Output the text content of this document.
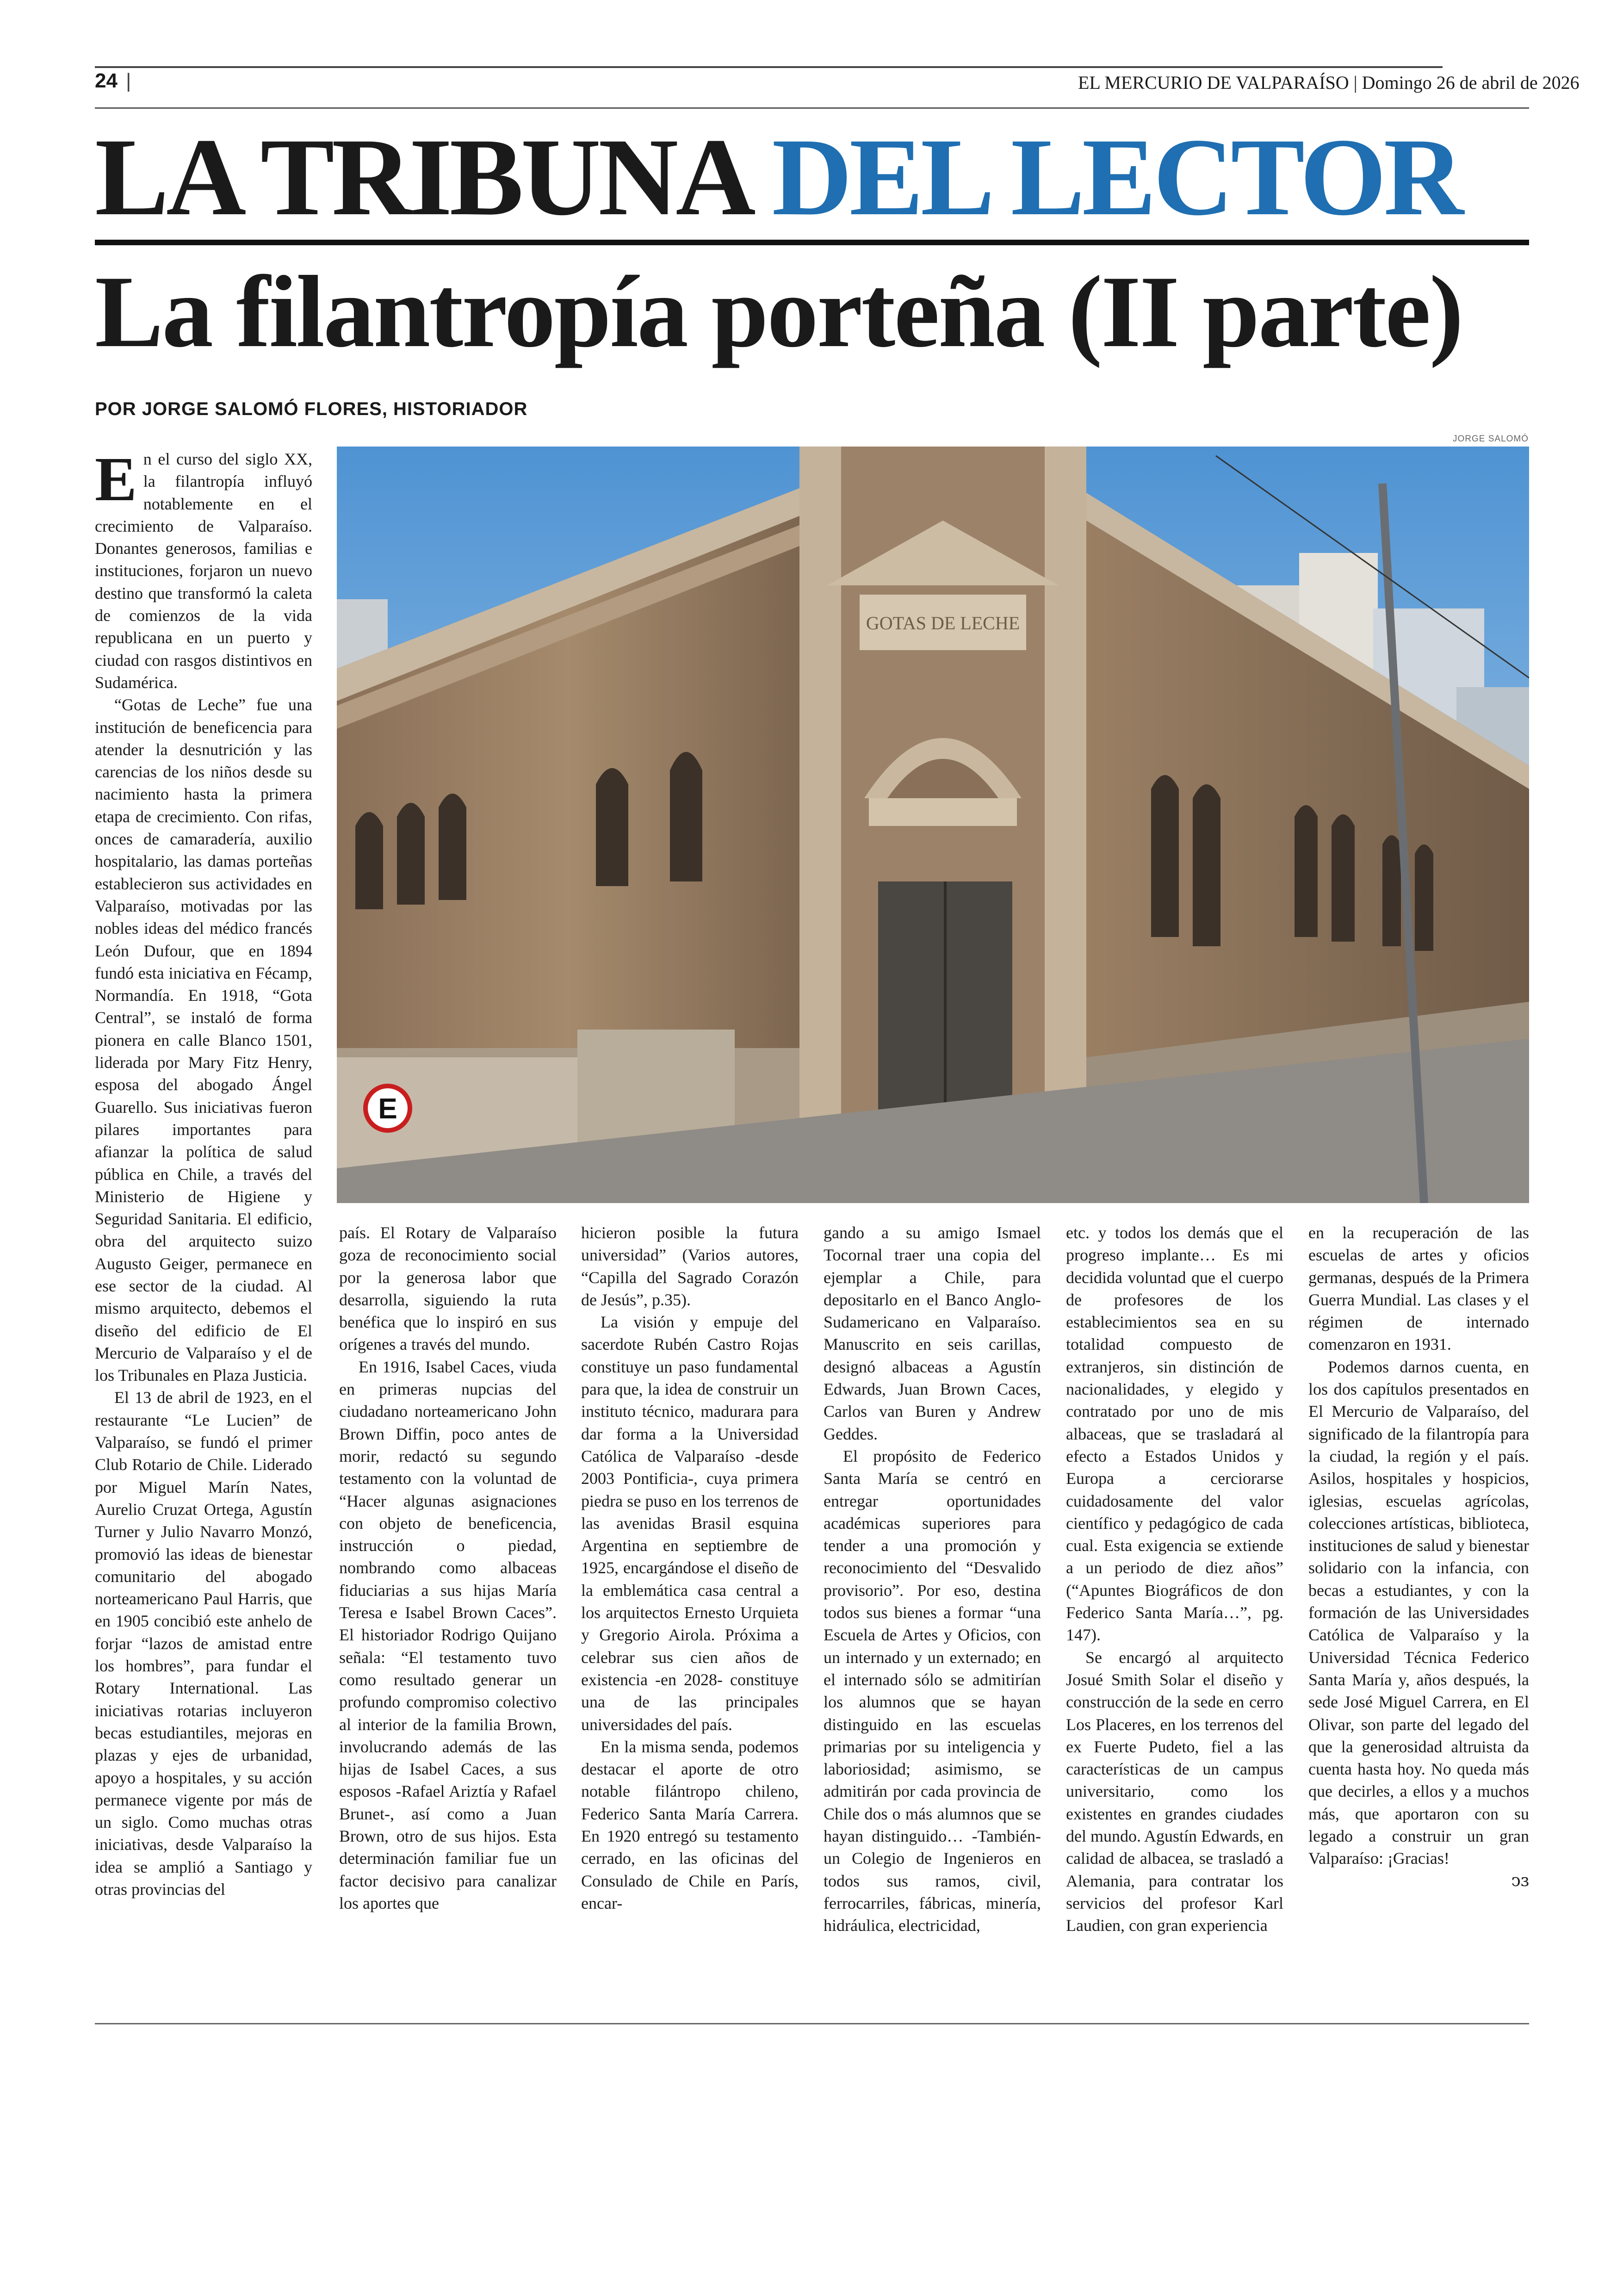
24 |	EL MERCURIO DE VALPARAÍSO | Domingo 26 de abril de 2026
LA TRIBUNA DEL LECTOR
La filantropía porteña (II parte)
POR JORGE SALOMÓ FLORES, HISTORIADOR
JORGE SALOMÓ
GOTAS DE LECHE
E
E n el curso del siglo XX, la filantropía influyó notablemente en el crecimiento de Valparaíso. Donantes generosos, familias e instituciones, forjaron un nuevo destino que transformó la caleta de comienzos de la vida republicana en un puerto y ciudad con rasgos distintivos en Sudamérica.

“Gotas de Leche” fue una institución de beneficencia para atender la desnutrición y las carencias de los niños desde su nacimiento hasta la primera etapa de crecimiento. Con rifas, onces de camaradería, auxilio hospitalario, las damas porteñas establecieron sus actividades en Valparaíso, motivadas por las nobles ideas del médico francés León Dufour, que en 1894 fundó esta iniciativa en Fécamp, Normandía. En 1918, “Gota Central”, se instaló de forma pionera en calle Blanco 1501, liderada por Mary Fitz Henry, esposa del abogado Ángel Guarello. Sus iniciativas fueron pilares importantes para afianzar la política de salud pública en Chile, a través del Ministerio de Higiene y Seguridad Sanitaria. El edificio, obra del arquitecto suizo Augusto Geiger, permanece en ese sector de la ciudad. Al mismo arquitecto, debemos el diseño del edificio de El Mercurio de Valparaíso y el de los Tribunales en Plaza Justicia.

El 13 de abril de 1923, en el restaurante “Le Lucien” de Valparaíso, se fundó el primer Club Rotario de Chile. Liderado por Miguel Marín Nates, Aurelio Cruzat Ortega, Agustín Turner y Julio Navarro Monzó, promovió las ideas de bienestar comunitario del abogado norteamericano Paul Harris, que en 1905 concibió este anhelo de forjar “lazos de amistad entre los hombres”, para fundar el Rotary International. Las iniciativas rotarias incluyeron becas estudiantiles, mejoras en plazas y ejes de urbanidad, apoyo a hospitales, y su acción permanece vigente por más de un siglo. Como muchas otras iniciativas, desde Valparaíso la idea se amplió a Santiago y otras provincias del

país. El Rotary de Valparaíso goza de reconocimiento social por la generosa labor que desarrolla, siguiendo la ruta benéfica que lo inspiró en sus orígenes a través del mundo.

En 1916, Isabel Caces, viuda en primeras nupcias del ciudadano norteamericano John Brown Diffin, poco antes de morir, redactó su segundo testamento con la voluntad de “Hacer algunas asignaciones con objeto de beneficencia, instrucción o piedad, nombrando como albaceas fiduciarias a sus hijas María Teresa e Isabel Brown Caces”. El historiador Rodrigo Quijano señala: “El testamento tuvo como resultado generar un profundo compromiso colectivo al interior de la familia Brown, involucrando además de las hijas de Isabel Caces, a sus esposos -Rafael Ariztía y Rafael Brunet-, así como a Juan Brown, otro de sus hijos. Esta determinación familiar fue un factor decisivo para canalizar los aportes que

hicieron posible la futura universidad” (Varios autores, “Capilla del Sagrado Corazón de Jesús”, p.35).

La visión y empuje del sacerdote Rubén Castro Rojas constituye un paso fundamental para que, la idea de construir un instituto técnico, madurara para dar forma a la Universidad Católica de Valparaíso -desde 2003 Pontificia-, cuya primera piedra se puso en los terrenos de las avenidas Brasil esquina Argentina en septiembre de 1925, encargándose el diseño de la emblemática casa central a los arquitectos Ernesto Urquieta y Gregorio Airola. Próxima a celebrar sus cien años de existencia -en 2028- constituye una de las principales universidades del país.

En la misma senda, podemos destacar el aporte de otro notable filántropo chileno, Federico Santa María Carrera. En 1920 entregó su testamento cerrado, en las oficinas del Consulado de Chile en París, encar-

gando a su amigo Ismael Tocornal traer una copia del ejemplar a Chile, para depositarlo en el Banco Anglo-Sudamericano en Valparaíso. Manuscrito en seis carillas, designó albaceas a Agustín Edwards, Juan Brown Caces, Carlos van Buren y Andrew Geddes.

El propósito de Federico Santa María se centró en entregar oportunidades académicas superiores para tender a una promoción y reconocimiento del “Desvalido provisorio”. Por eso, destina todos sus bienes a formar “una Escuela de Artes y Oficios, con un internado y un externado; en el internado sólo se admitirían los alumnos que se hayan distinguido en las escuelas primarias por su inteligencia y laboriosidad; asimismo, se admitirán por cada provincia de Chile dos o más alumnos que se hayan distinguido… -También- un Colegio de Ingenieros en todos sus ramos, civil, ferrocarriles, fábricas, minería, hidráulica, electricidad,

etc. y todos los demás que el progreso implante… Es mi decidida voluntad que el cuerpo de profesores de los establecimientos sea en su totalidad compuesto de extranjeros, sin distinción de nacionalidades, y elegido y contratado por uno de mis albaceas, que se trasladará al efecto a Estados Unidos y Europa a cerciorarse cuidadosamente del valor científico y pedagógico de cada cual. Esta exigencia se extiende a un periodo de diez años” (“Apuntes Biográficos de don Federico Santa María…”, pg. 147).

Se encargó al arquitecto Josué Smith Solar el diseño y construcción de la sede en cerro Los Placeres, en los terrenos del ex Fuerte Pudeto, fiel a las características de un campus universitario, como los existentes en grandes ciudades del mundo. Agustín Edwards, en calidad de albacea, se trasladó a Alemania, para contratar los servicios del profesor Karl Laudien, con gran experiencia

en la recuperación de las escuelas de artes y oficios germanas, después de la Primera Guerra Mundial. Las clases y el régimen de internado comenzaron en 1931.

Podemos darnos cuenta, en los dos capítulos presentados en El Mercurio de Valparaíso, del significado de la filantropía para la ciudad, la región y el país. Asilos, hospitales y hospicios, iglesias, escuelas agrícolas, colecciones artísticas, biblioteca, instituciones de salud y bienestar solidario con la infancia, con becas a estudiantes, y con la formación de las Universidades Católica de Valparaíso y la Universidad Técnica Federico Santa María y, años después, la sede José Miguel Carrera, en El Olivar, son parte del legado del que la generosidad altruista da cuenta hasta hoy. No queda más que decirles, a ellos y a muchos más, que aportaron con su legado a construir un gran Valparaíso: ¡Gracias!

ↄɜ
